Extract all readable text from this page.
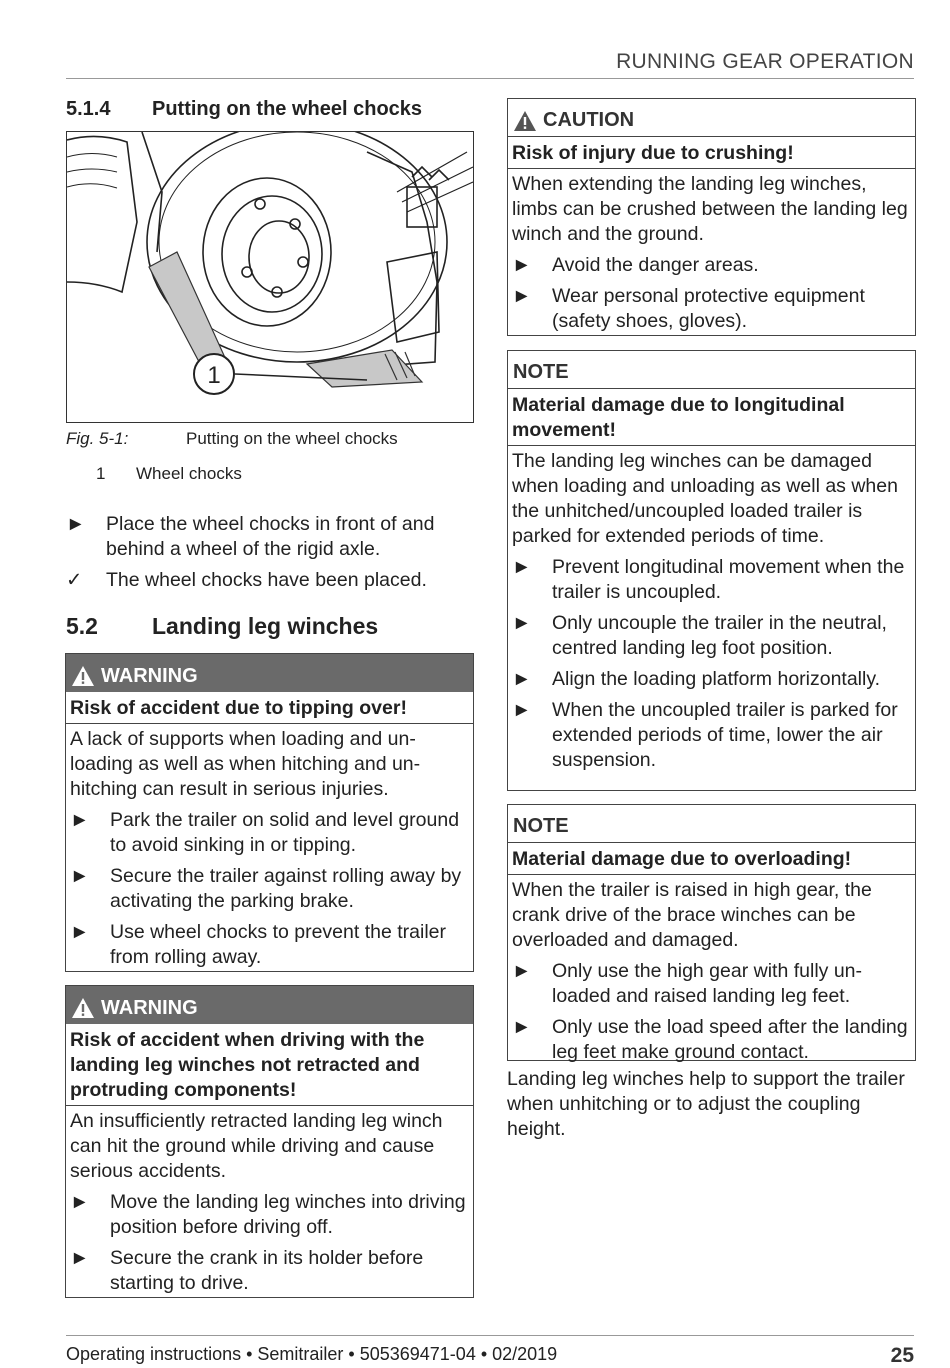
RUNNING GEAR OPERATION
5.1.4 Putting on the wheel chocks
1
Fig. 5-1:	Putting on the wheel chocks
1 Wheel chocks
► Place the wheel chocks in front of and behind a wheel of the rigid axle.
✓ The wheel chocks have been placed.
5.2 Landing leg winches
WARNING
Risk of accident due to tipping over!

A lack of supports when loading and unloading as well as when hitching and unhitching can result in serious injuries.

► Park the trailer on solid and level ground to avoid sinking in or tipping.
► Secure the trailer against rolling away by activating the parking brake.
► Use wheel chocks to prevent the trailer from rolling away.
WARNING
Risk of accident when driving with the landing leg winches not retracted and protruding components!

An insufficiently retracted landing leg winch can hit the ground while driving and cause serious accidents.

► Move the landing leg winches into driving position before driving off.
► Secure the crank in its holder before starting to drive.
CAUTION
Risk of injury due to crushing!

When extending the landing leg winches, limbs can be crushed between the landing leg winch and the ground.

► Avoid the danger areas.
► Wear personal protective equipment (safety shoes, gloves).
NOTE
Material damage due to longitudinal movement!

The landing leg winches can be damaged when loading and unloading as well as when the unhitched/uncoupled loaded trailer is parked for extended periods of time.

► Prevent longitudinal movement when the trailer is uncoupled.
► Only uncouple the trailer in the neutral, centred landing leg foot position.
► Align the loading platform horizontally.
► When the uncoupled trailer is parked for extended periods of time, lower the air suspension.
NOTE
Material damage due to overloading!

When the trailer is raised in high gear, the crank drive of the brace winches can be overloaded and damaged.

► Only use the high gear with fully unloaded and raised landing leg feet.
► Only use the load speed after the landing leg feet make ground contact.
Landing leg winches help to support the trailer when unhitching or to adjust the coupling height.
Operating instructions • Semitrailer • 505369471-04 • 02/2019	25
